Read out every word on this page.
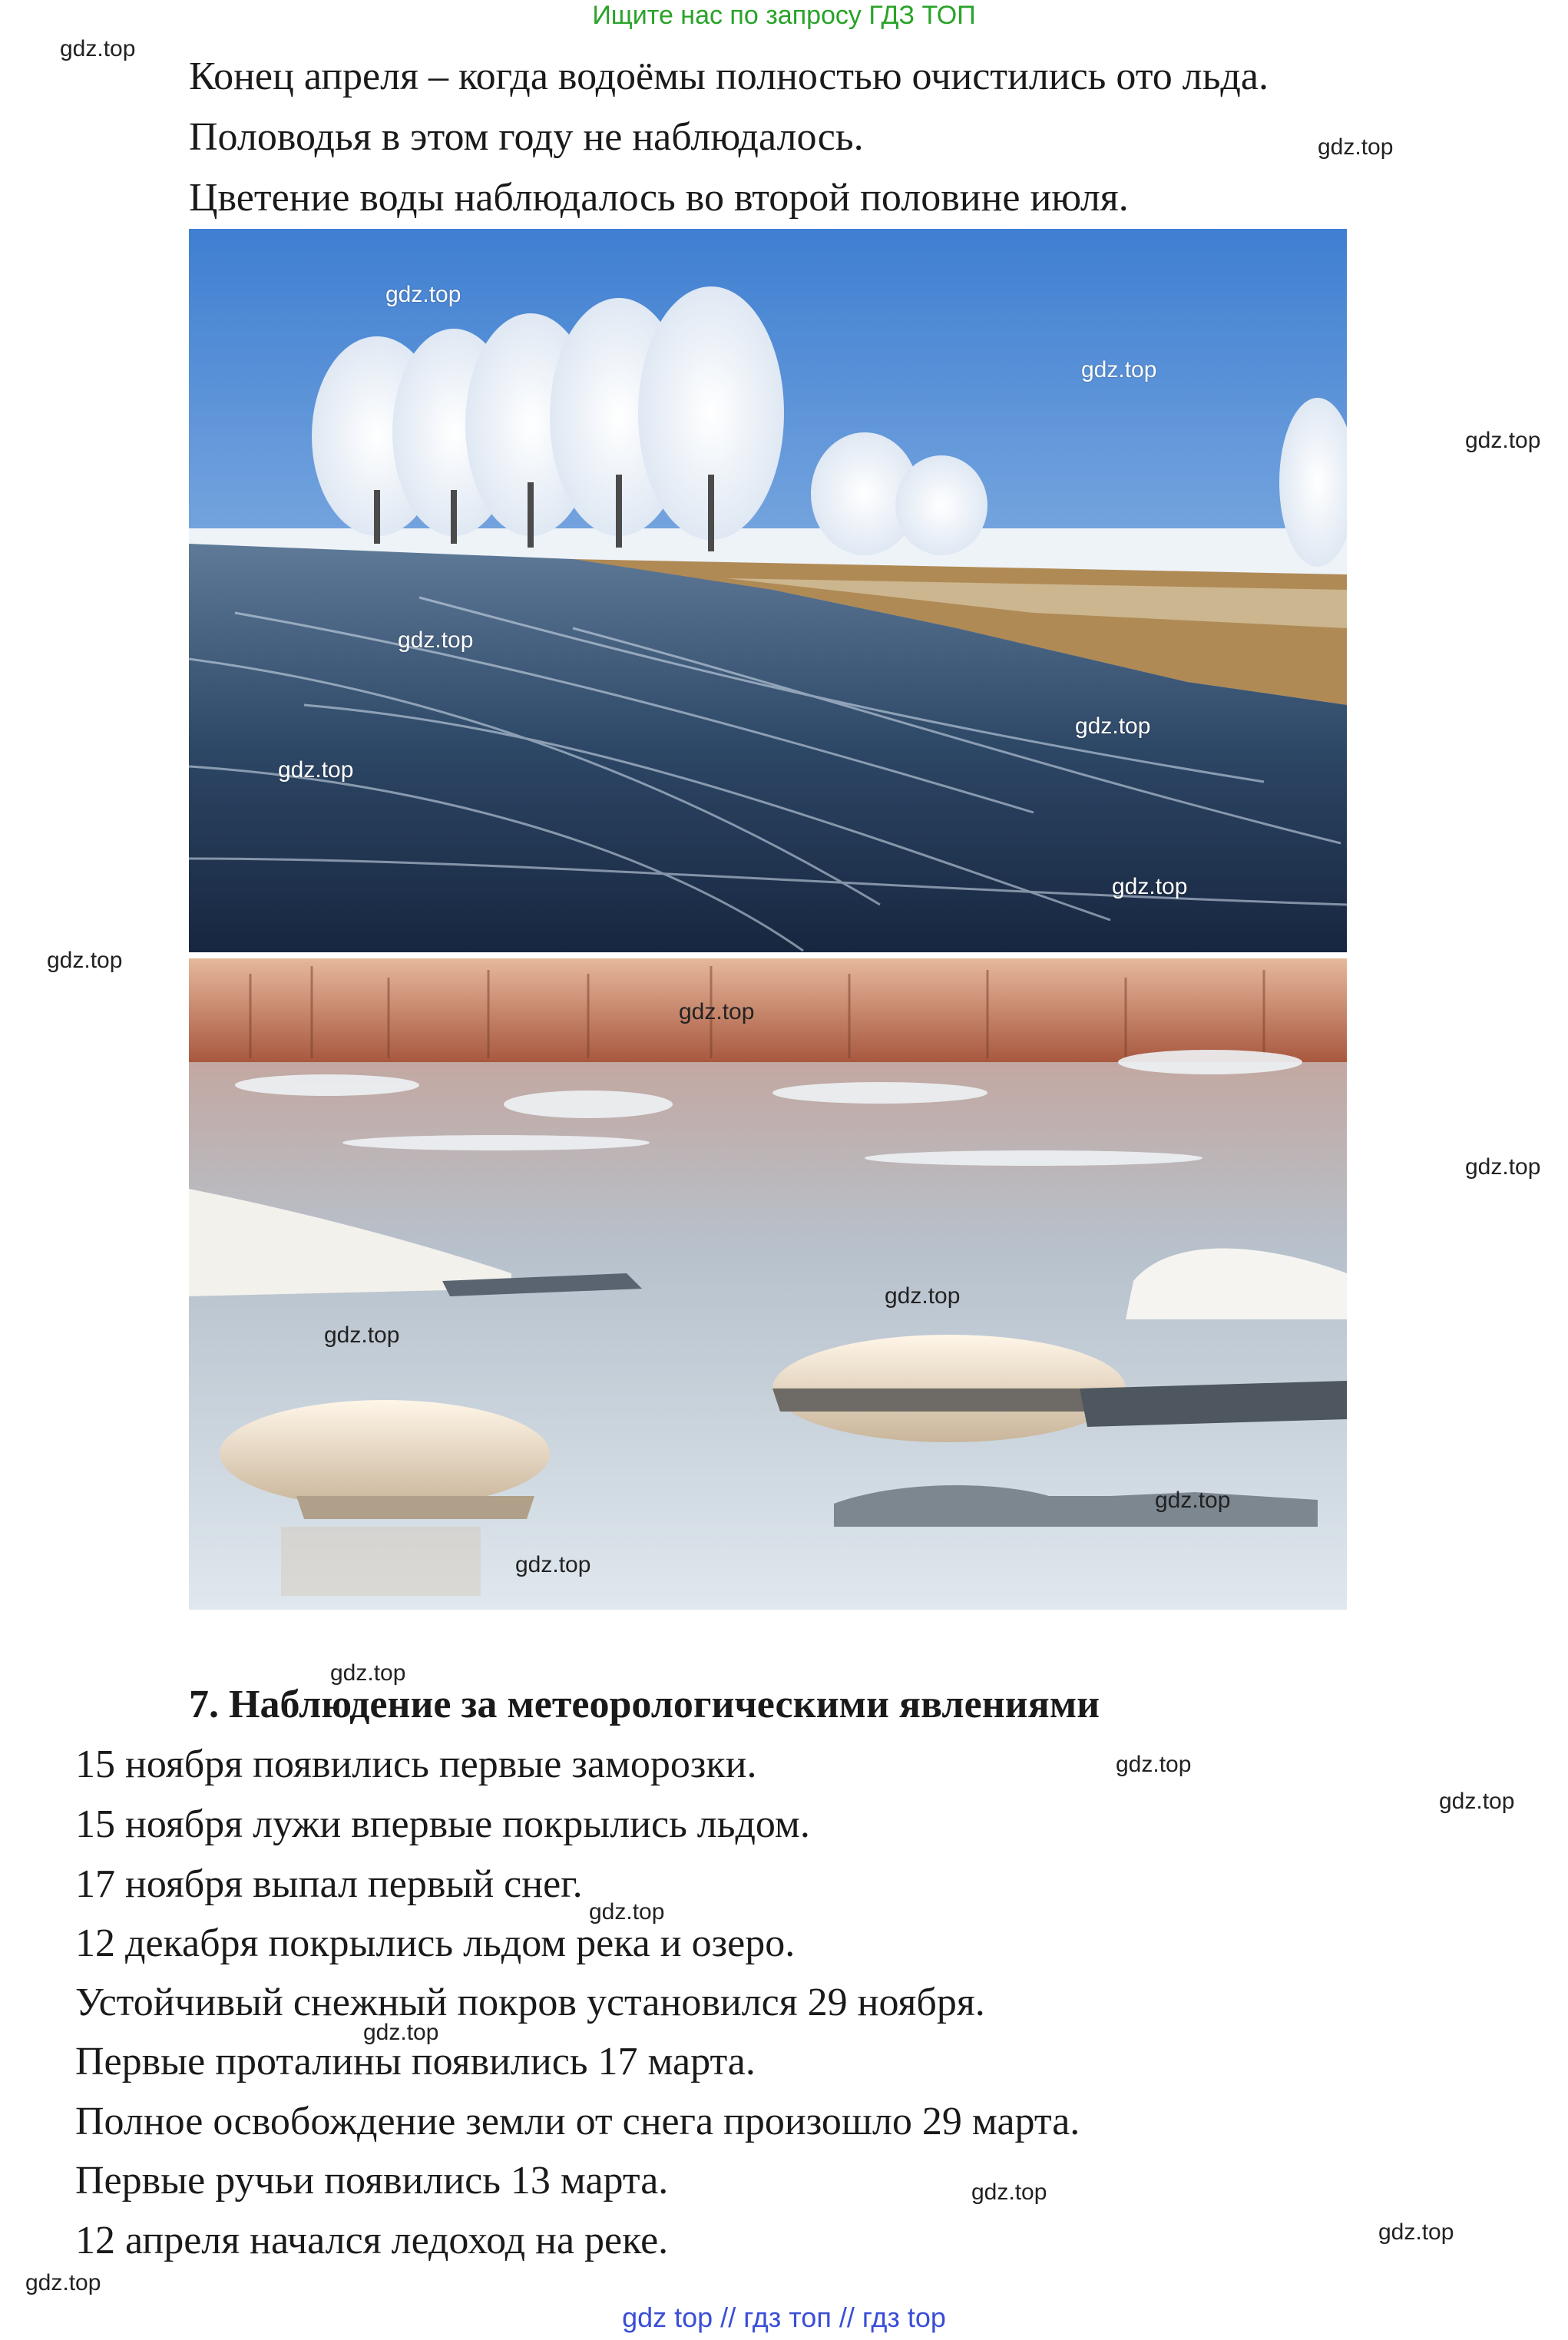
Ищите нас по запросу ГДЗ ТОП
Конец апреля – когда водоёмы полностью очистились ото льда.
Половодья в этом году не наблюдалось.
Цветение воды наблюдалось во второй половине июля.
7. Наблюдение за метеорологическими явлениями
15 ноября появились первые заморозки.
15 ноября лужи впервые покрылись льдом.
17 ноября выпал первый снег.
12 декабря покрылись льдом река и озеро.
Устойчивый снежный покров установился 29 ноября.
Первые проталины появились 17 марта.
Полное освобождение земли от снега произошло 29 марта.
Первые ручьи появились 13 марта.
12 апреля начался ледоход на реке.
gdz.top
gdz.top
gdz.top
gdz.top
gdz.top
gdz.top
gdz.top
gdz.top
gdz.top
gdz.top
gdz.top
gdz.top
gdz.top
gdz.top
gdz.top
gdz.top
gdz.top
gdz.top
gdz.top
gdz.top
gdz.top
gdz.top
gdz.top
gdz.top
gdz top // гдз топ // гдз top
